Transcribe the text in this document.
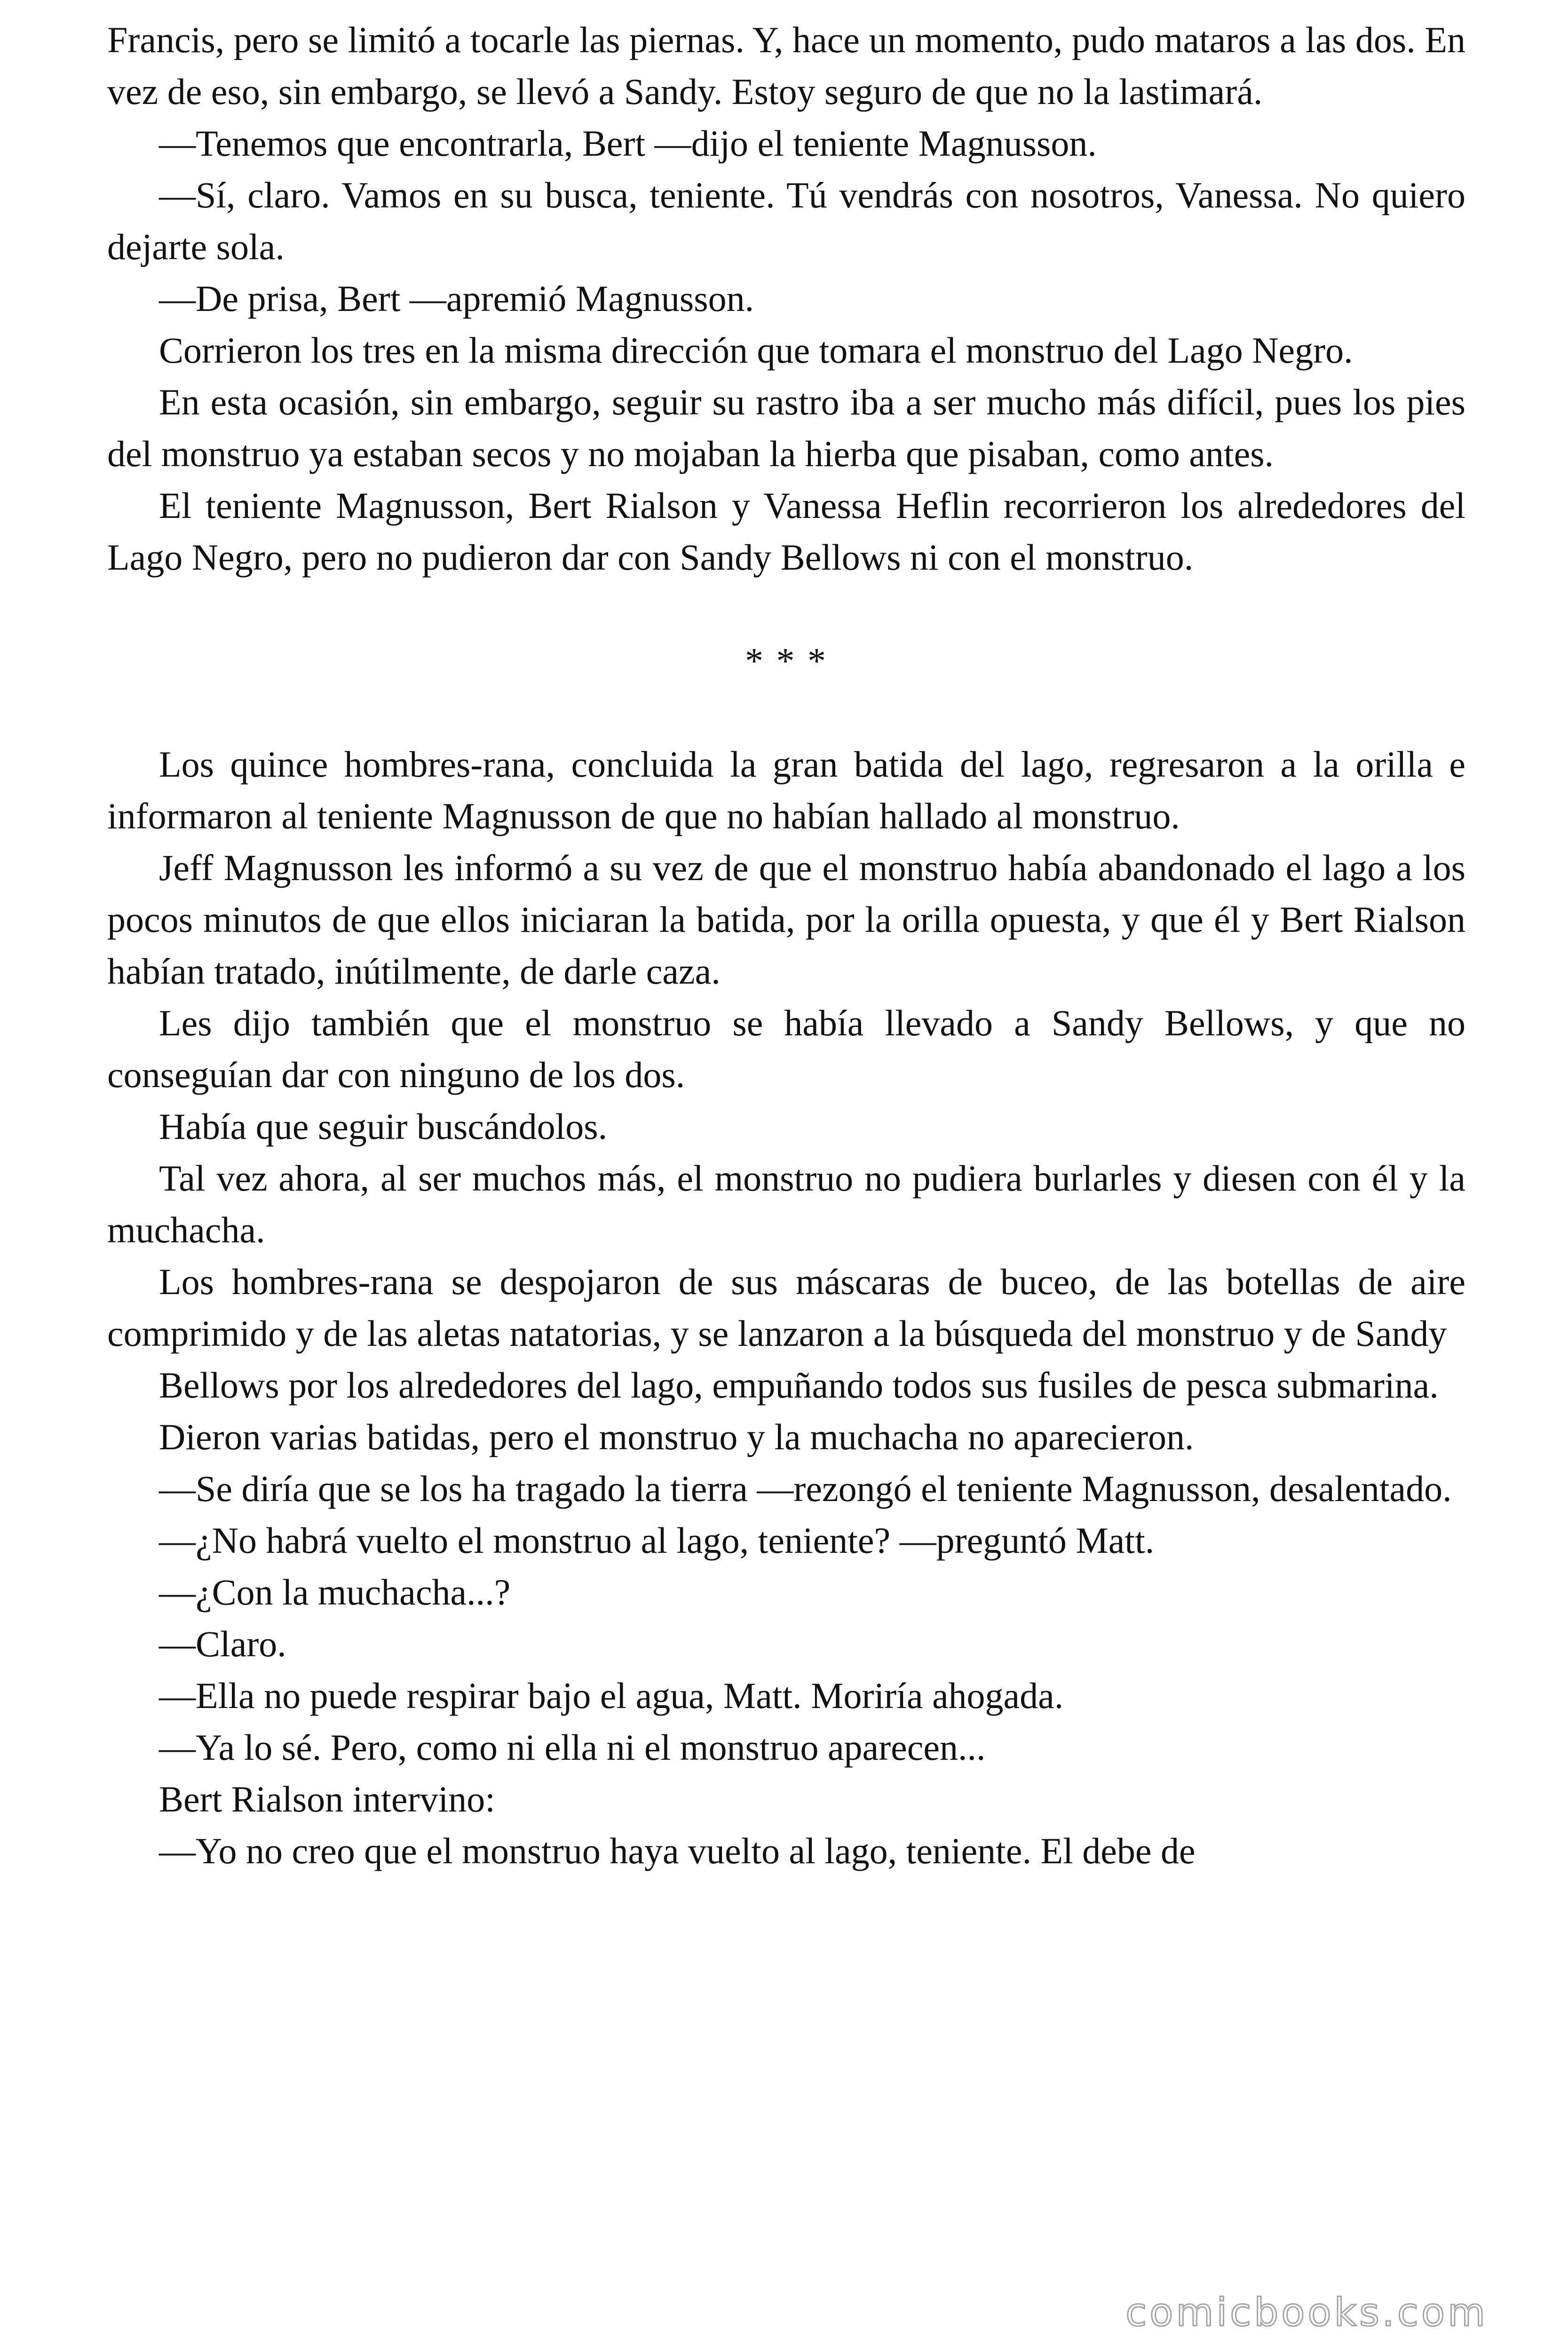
Francis, pero se limitó a tocarle las piernas. Y, hace un momento, pudo mataros a las dos. En vez de eso, sin embargo, se llevó a Sandy. Estoy seguro de que no la lastimará.

—Tenemos que encontrarla, Bert —dijo el teniente Magnusson.

—Sí, claro. Vamos en su busca, teniente. Tú vendrás con nosotros, Vanessa. No quiero dejarte sola.

—De prisa, Bert —apremió Magnusson.

Corrieron los tres en la misma dirección que tomara el monstruo del Lago Negro.

En esta ocasión, sin embargo, seguir su rastro iba a ser mucho más difícil, pues los pies del monstruo ya estaban secos y no mojaban la hierba que pisaban, como antes.

El teniente Magnusson, Bert Rialson y Vanessa Heflin recorrieron los alrededores del Lago Negro, pero no pudieron dar con Sandy Bellows ni con el monstruo.

* * *

Los quince hombres-rana, concluida la gran batida del lago, regresaron a la orilla e informaron al teniente Magnusson de que no habían hallado al monstruo.

Jeff Magnusson les informó a su vez de que el monstruo había abandonado el lago a los pocos minutos de que ellos iniciaran la batida, por la orilla opuesta, y que él y Bert Rialson habían tratado, inútilmente, de darle caza.

Les dijo también que el monstruo se había llevado a Sandy Bellows, y que no conseguían dar con ninguno de los dos.

Había que seguir buscándolos.

Tal vez ahora, al ser muchos más, el monstruo no pudiera burlarles y diesen con él y la muchacha.

Los hombres-rana se despojaron de sus máscaras de buceo, de las botellas de aire comprimido y de las aletas natatorias, y se lanzaron a la búsqueda del monstruo y de Sandy

Bellows por los alrededores del lago, empuñando todos sus fusiles de pesca submarina.

Dieron varias batidas, pero el monstruo y la muchacha no aparecieron.

—Se diría que se los ha tragado la tierra —rezongó el teniente Magnusson, desalentado.

—¿No habrá vuelto el monstruo al lago, teniente? —preguntó Matt.

—¿Con la muchacha...?

—Claro.

—Ella no puede respirar bajo el agua, Matt. Moriría ahogada.

—Ya lo sé. Pero, como ni ella ni el monstruo aparecen...

Bert Rialson intervino:

—Yo no creo que el monstruo haya vuelto al lago, teniente. El debe de

comicbooks.com
